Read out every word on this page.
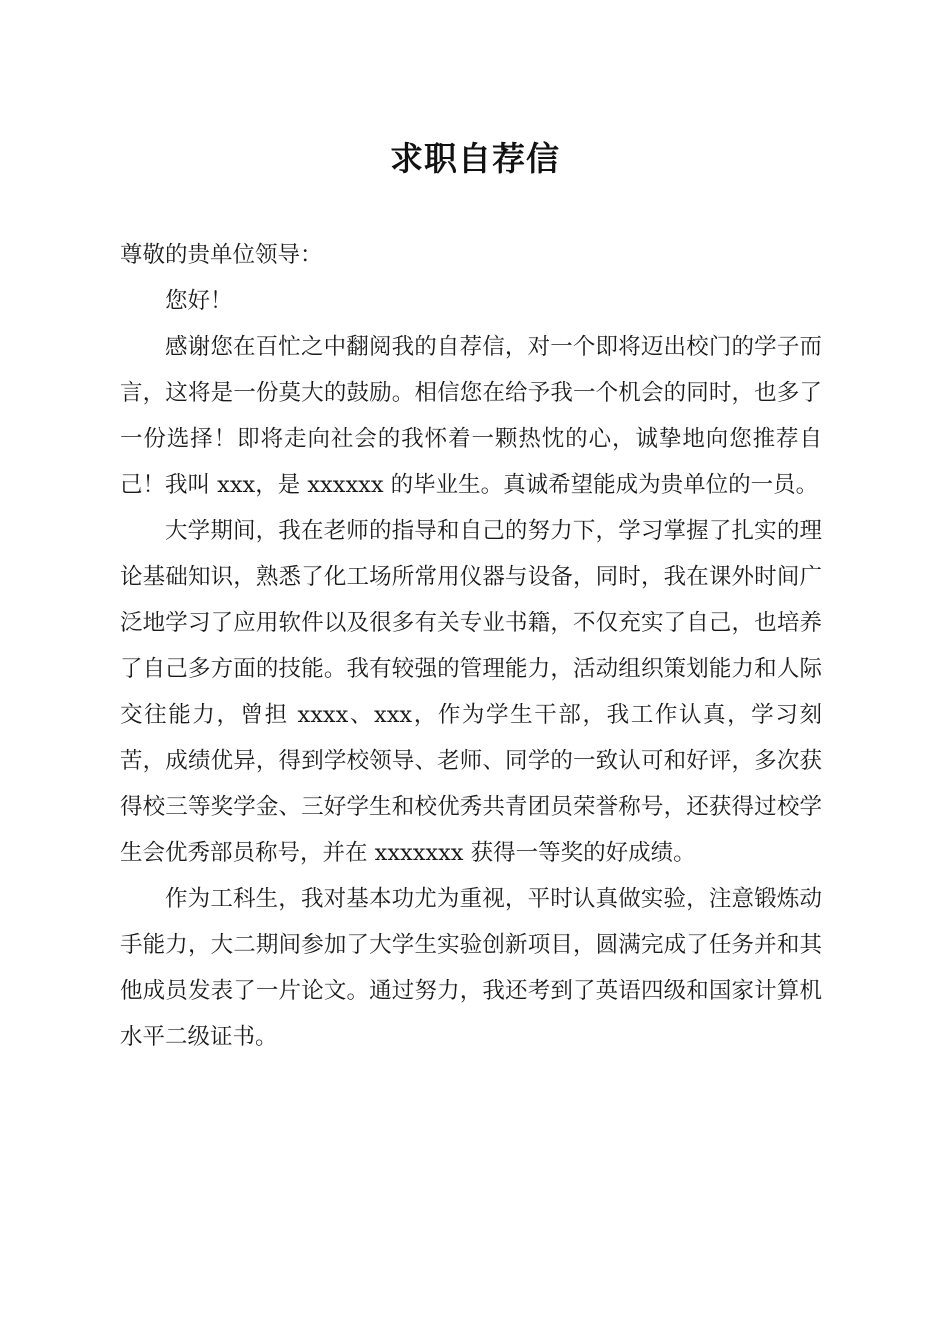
求职自荐信

尊敬的贵单位领导：

您好！

感谢您在百忙之中翻阅我的自荐信，对一个即将迈出校门的学子而言，这将是一份莫大的鼓励。相信您在给予我一个机会的同时，也多了一份选择！即将走向社会的我怀着一颗热忱的心，诚挚地向您推荐自己！我叫 xxx，是 xxxxxx 的毕业生。真诚希望能成为贵单位的一员。

大学期间，我在老师的指导和自己的努力下，学习掌握了扎实的理论基础知识，熟悉了化工场所常用仪器与设备，同时，我在课外时间广泛地学习了应用软件以及很多有关专业书籍，不仅充实了自己，也培养了自己多方面的技能。我有较强的管理能力，活动组织策划能力和人际交往能力，曾担 xxxx、xxx，作为学生干部，我工作认真，学习刻苦，成绩优异，得到学校领导、老师、同学的一致认可和好评，多次获得校三等奖学金、三好学生和校优秀共青团员荣誉称号，还获得过校学生会优秀部员称号，并在 xxxxxxx 获得一等奖的好成绩。

作为工科生，我对基本功尤为重视，平时认真做实验，注意锻炼动手能力，大二期间参加了大学生实验创新项目，圆满完成了任务并和其他成员发表了一片论文。通过努力，我还考到了英语四级和国家计算机水平二级证书。
